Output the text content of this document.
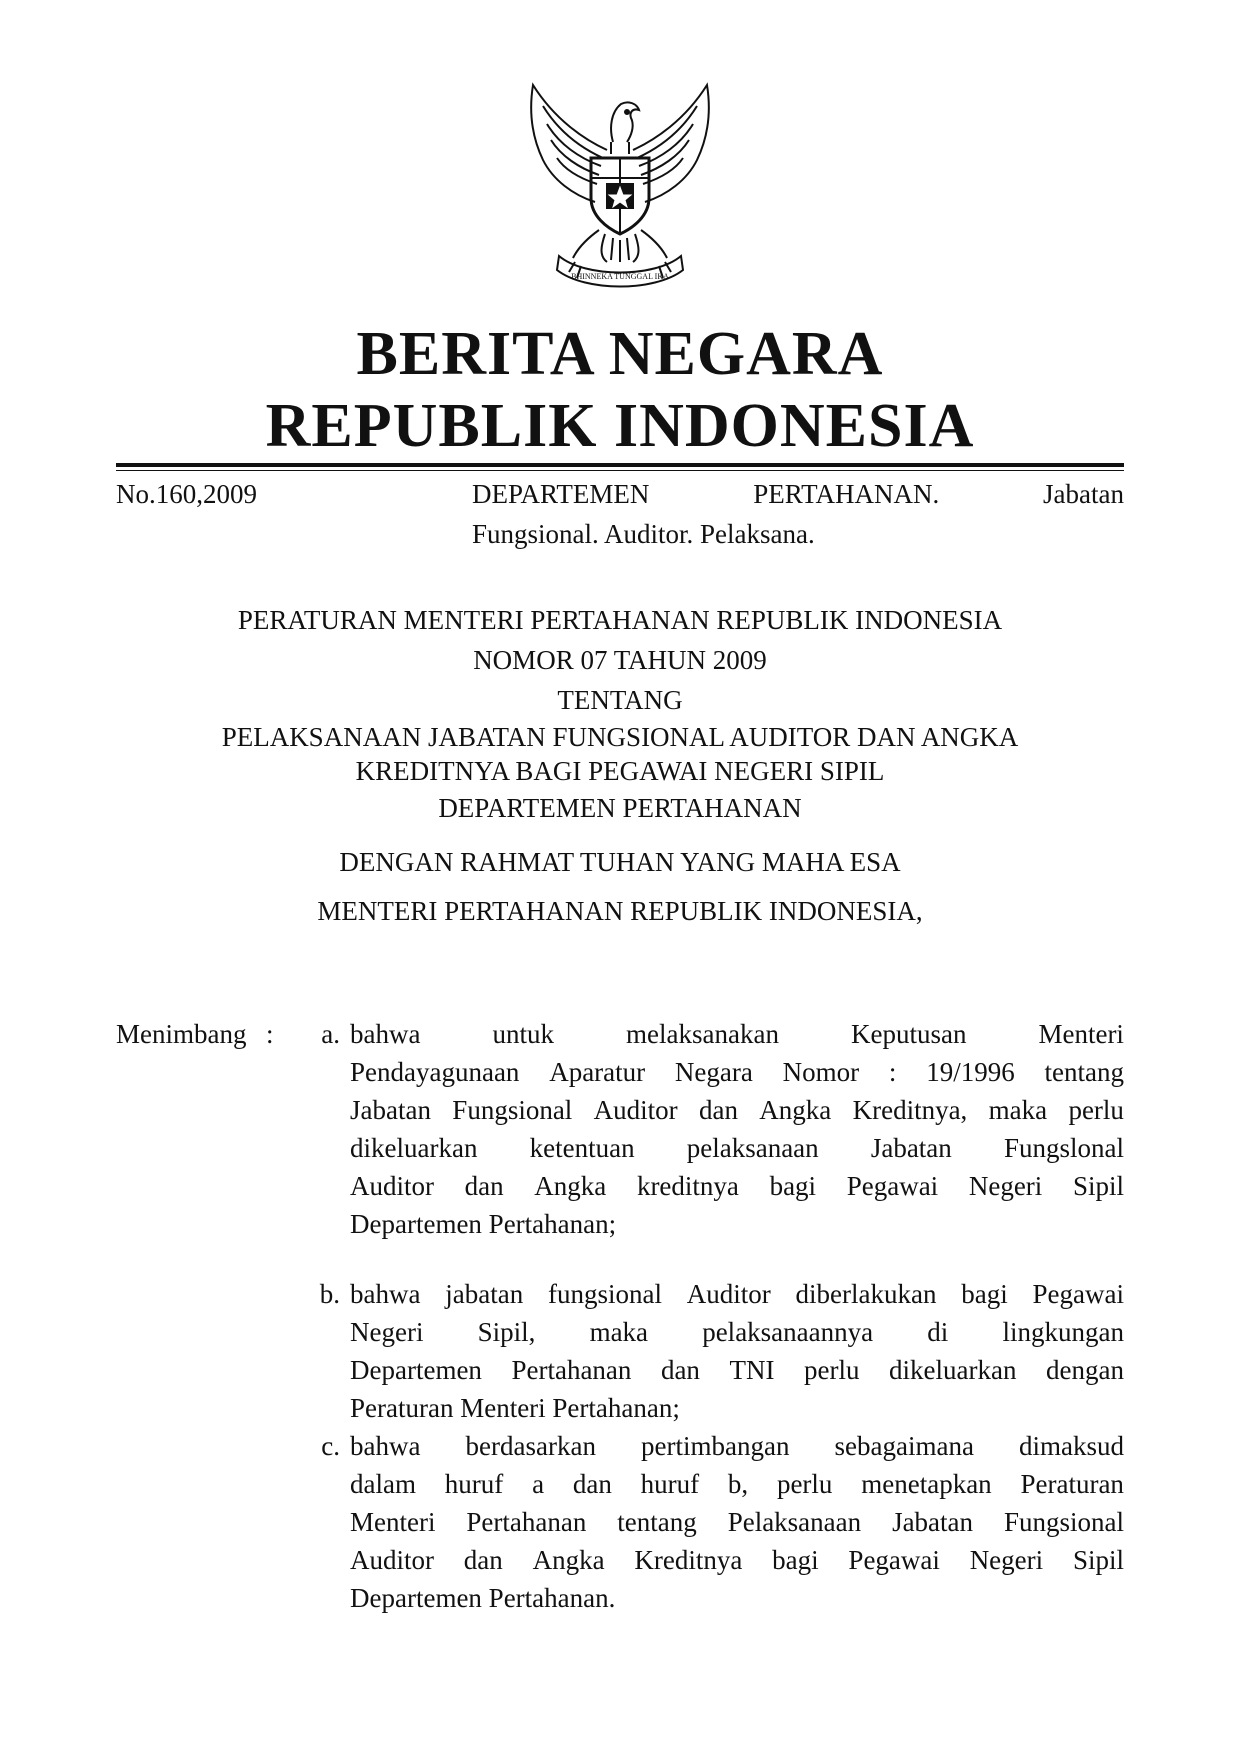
BHINNEKA TUNGGAL IKA
BERITA NEGARA
REPUBLIK INDONESIA
No.160,2009	DEPARTEMEN	PERTAHANAN.	Jabatan
Fungsional. Auditor. Pelaksana.
PERATURAN MENTERI PERTAHANAN REPUBLIK INDONESIA
NOMOR 07 TAHUN 2009
TENTANG
PELAKSANAAN JABATAN FUNGSIONAL AUDITOR DAN ANGKA
KREDITNYA BAGI PEGAWAI NEGERI SIPIL
DEPARTEMEN PERTAHANAN
DENGAN RAHMAT TUHAN YANG MAHA ESA
MENTERI PERTAHANAN REPUBLIK INDONESIA,
Menimbang :	a. bahwa	untuk	melaksanakan	Keputusan	Menteri
Pendayagunaan Aparatur Negara Nomor : 19/1996 tentang
Jabatan Fungsional Auditor dan Angka Kreditnya, maka perlu
dikeluarkan ketentuan pelaksanaan Jabatan Fungslonal
Auditor dan Angka kreditnya bagi Pegawai Negeri Sipil
Departemen Pertahanan;
b. bahwa jabatan fungsional Auditor diberlakukan bagi Pegawai
Negeri Sipil, maka pelaksanaannya di lingkungan
Departemen Pertahanan dan TNI perlu dikeluarkan dengan
Peraturan Menteri Pertahanan;
c. bahwa berdasarkan pertimbangan sebagaimana dimaksud
dalam huruf a dan huruf b, perlu menetapkan Peraturan
Menteri Pertahanan tentang Pelaksanaan Jabatan Fungsional
Auditor dan Angka Kreditnya bagi Pegawai Negeri Sipil
Departemen Pertahanan.
